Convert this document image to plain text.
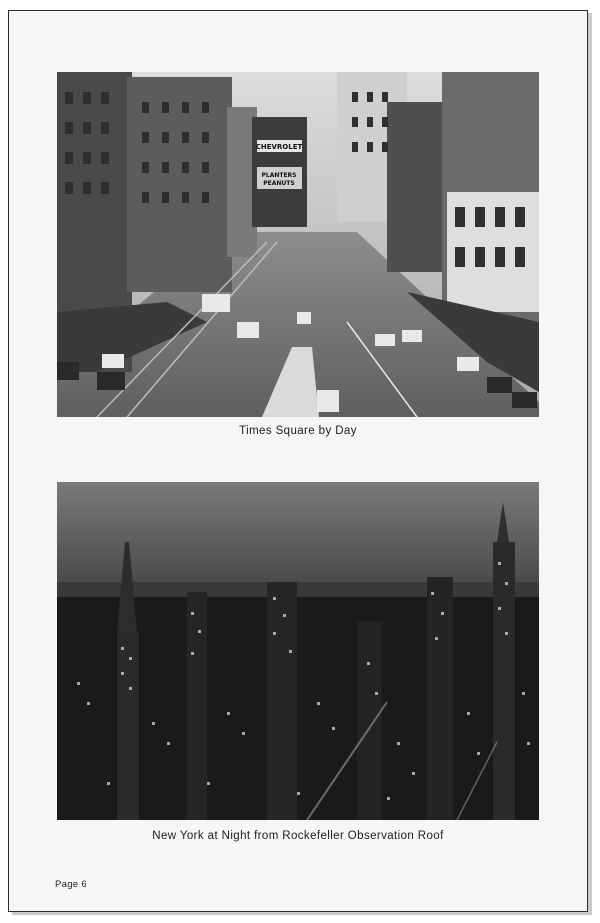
CHEVROLET
PLANTERS
PEANUTS
Times Square by Day
New York at Night from Rockefeller Observation Roof
Page 6
